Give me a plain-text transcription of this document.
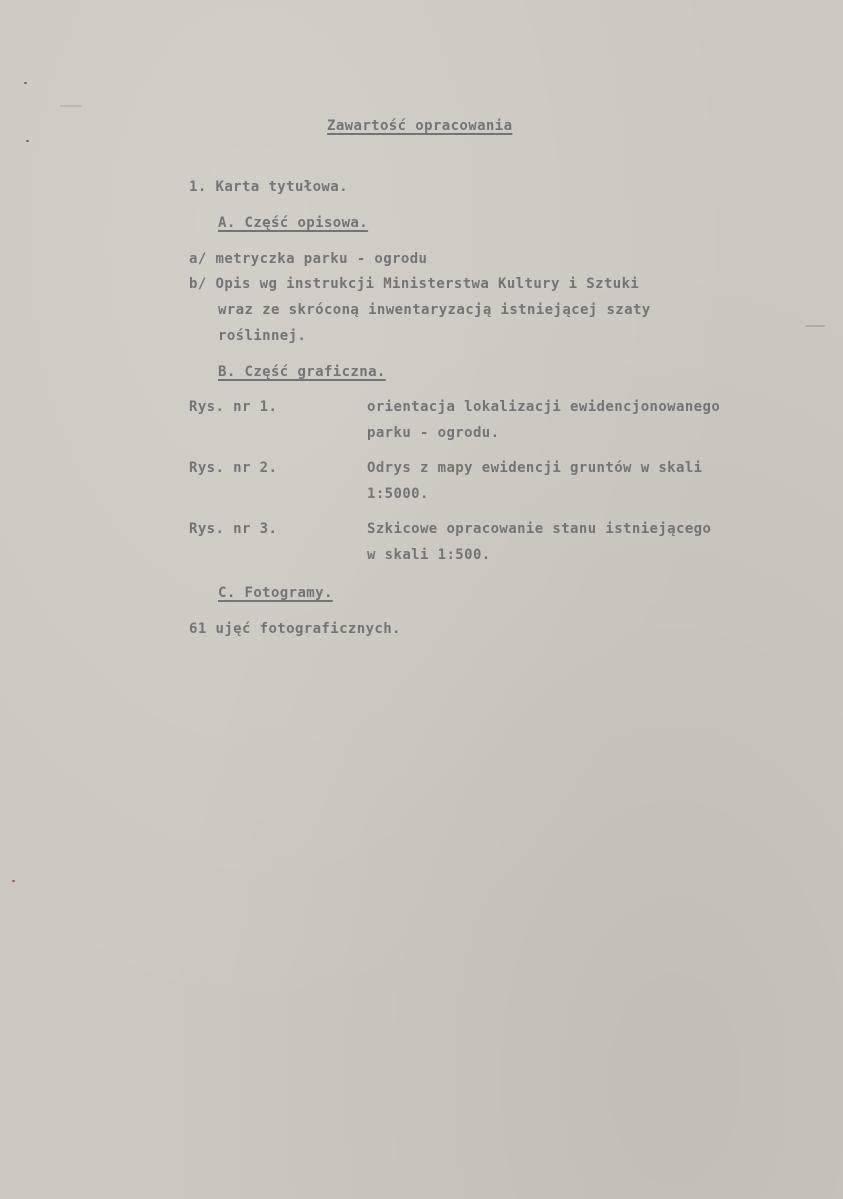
Zawartość opracowania

1. Karta tytułowa.

A. Część opisowa.

a/ metryczka parku - ogrodu

b/ Opis wg instrukcji Ministerstwa Kultury i Sztuki

wraz ze skróconą inwentaryzacją istniejącej szaty

roślinnej.

B. Część graficzna.

Rys. nr 1.	orientacja lokalizacji ewidencjonowanego

parku - ogrodu.

Rys. nr 2.	Odrys z mapy ewidencji gruntów w skali

1:5000.

Rys. nr 3.	Szkicowe opracowanie stanu istniejącego

w skali 1:500.

C. Fotogramy.

61 ujęć fotograficznych.
